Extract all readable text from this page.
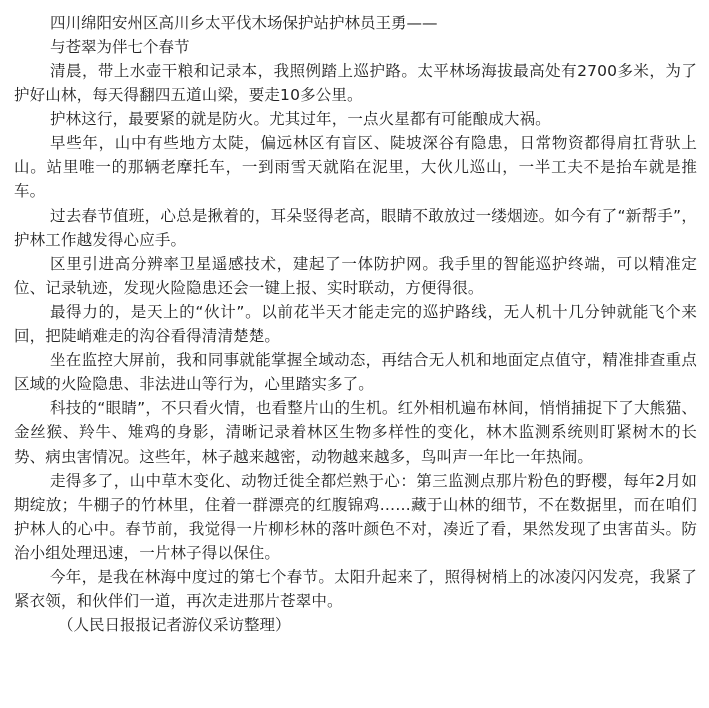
四川绵阳安州区高川乡太平伐木场保护站护林员王勇——

与苍翠为伴七个春节

清晨，带上水壶干粮和记录本，我照例踏上巡护路。太平林场海拔最高处有2700多米，为了护好山林，每天得翻四五道山梁，要走10多公里。

护林这行，最要紧的就是防火。尤其过年，一点火星都有可能酿成大祸。

早些年，山中有些地方太陡，偏远林区有盲区、陡坡深谷有隐患，日常物资都得肩扛背驮上山。站里唯一的那辆老摩托车，一到雨雪天就陷在泥里，大伙儿巡山，一半工夫不是抬车就是推车。

过去春节值班，心总是揪着的，耳朵竖得老高，眼睛不敢放过一缕烟迹。如今有了“新帮手”，护林工作越发得心应手。

区里引进高分辨率卫星遥感技术，建起了一体防护网。我手里的智能巡护终端，可以精准定位、记录轨迹，发现火险隐患还会一键上报、实时联动，方便得很。

最得力的，是天上的“伙计”。以前花半天才能走完的巡护路线，无人机十几分钟就能飞个来回，把陡峭难走的沟谷看得清清楚楚。

坐在监控大屏前，我和同事就能掌握全域动态，再结合无人机和地面定点值守，精准排查重点区域的火险隐患、非法进山等行为，心里踏实多了。

科技的“眼睛”，不只看火情，也看整片山的生机。红外相机遍布林间，悄悄捕捉下了大熊猫、金丝猴、羚牛、雉鸡的身影，清晰记录着林区生物多样性的变化，林木监测系统则盯紧树木的长势、病虫害情况。这些年，林子越来越密，动物越来越多，鸟叫声一年比一年热闹。

走得多了，山中草木变化、动物迁徙全都烂熟于心：第三监测点那片粉色的野樱，每年2月如期绽放；牛棚子的竹林里，住着一群漂亮的红腹锦鸡……藏于山林的细节，不在数据里，而在咱们护林人的心中。春节前，我觉得一片柳杉林的落叶颜色不对，凑近了看，果然发现了虫害苗头。防治小组处理迅速，一片林子得以保住。

今年，是我在林海中度过的第七个春节。太阳升起来了，照得树梢上的冰凌闪闪发亮，我紧了紧衣领，和伙伴们一道，再次走进那片苍翠中。

（人民日报报记者游仪采访整理）
